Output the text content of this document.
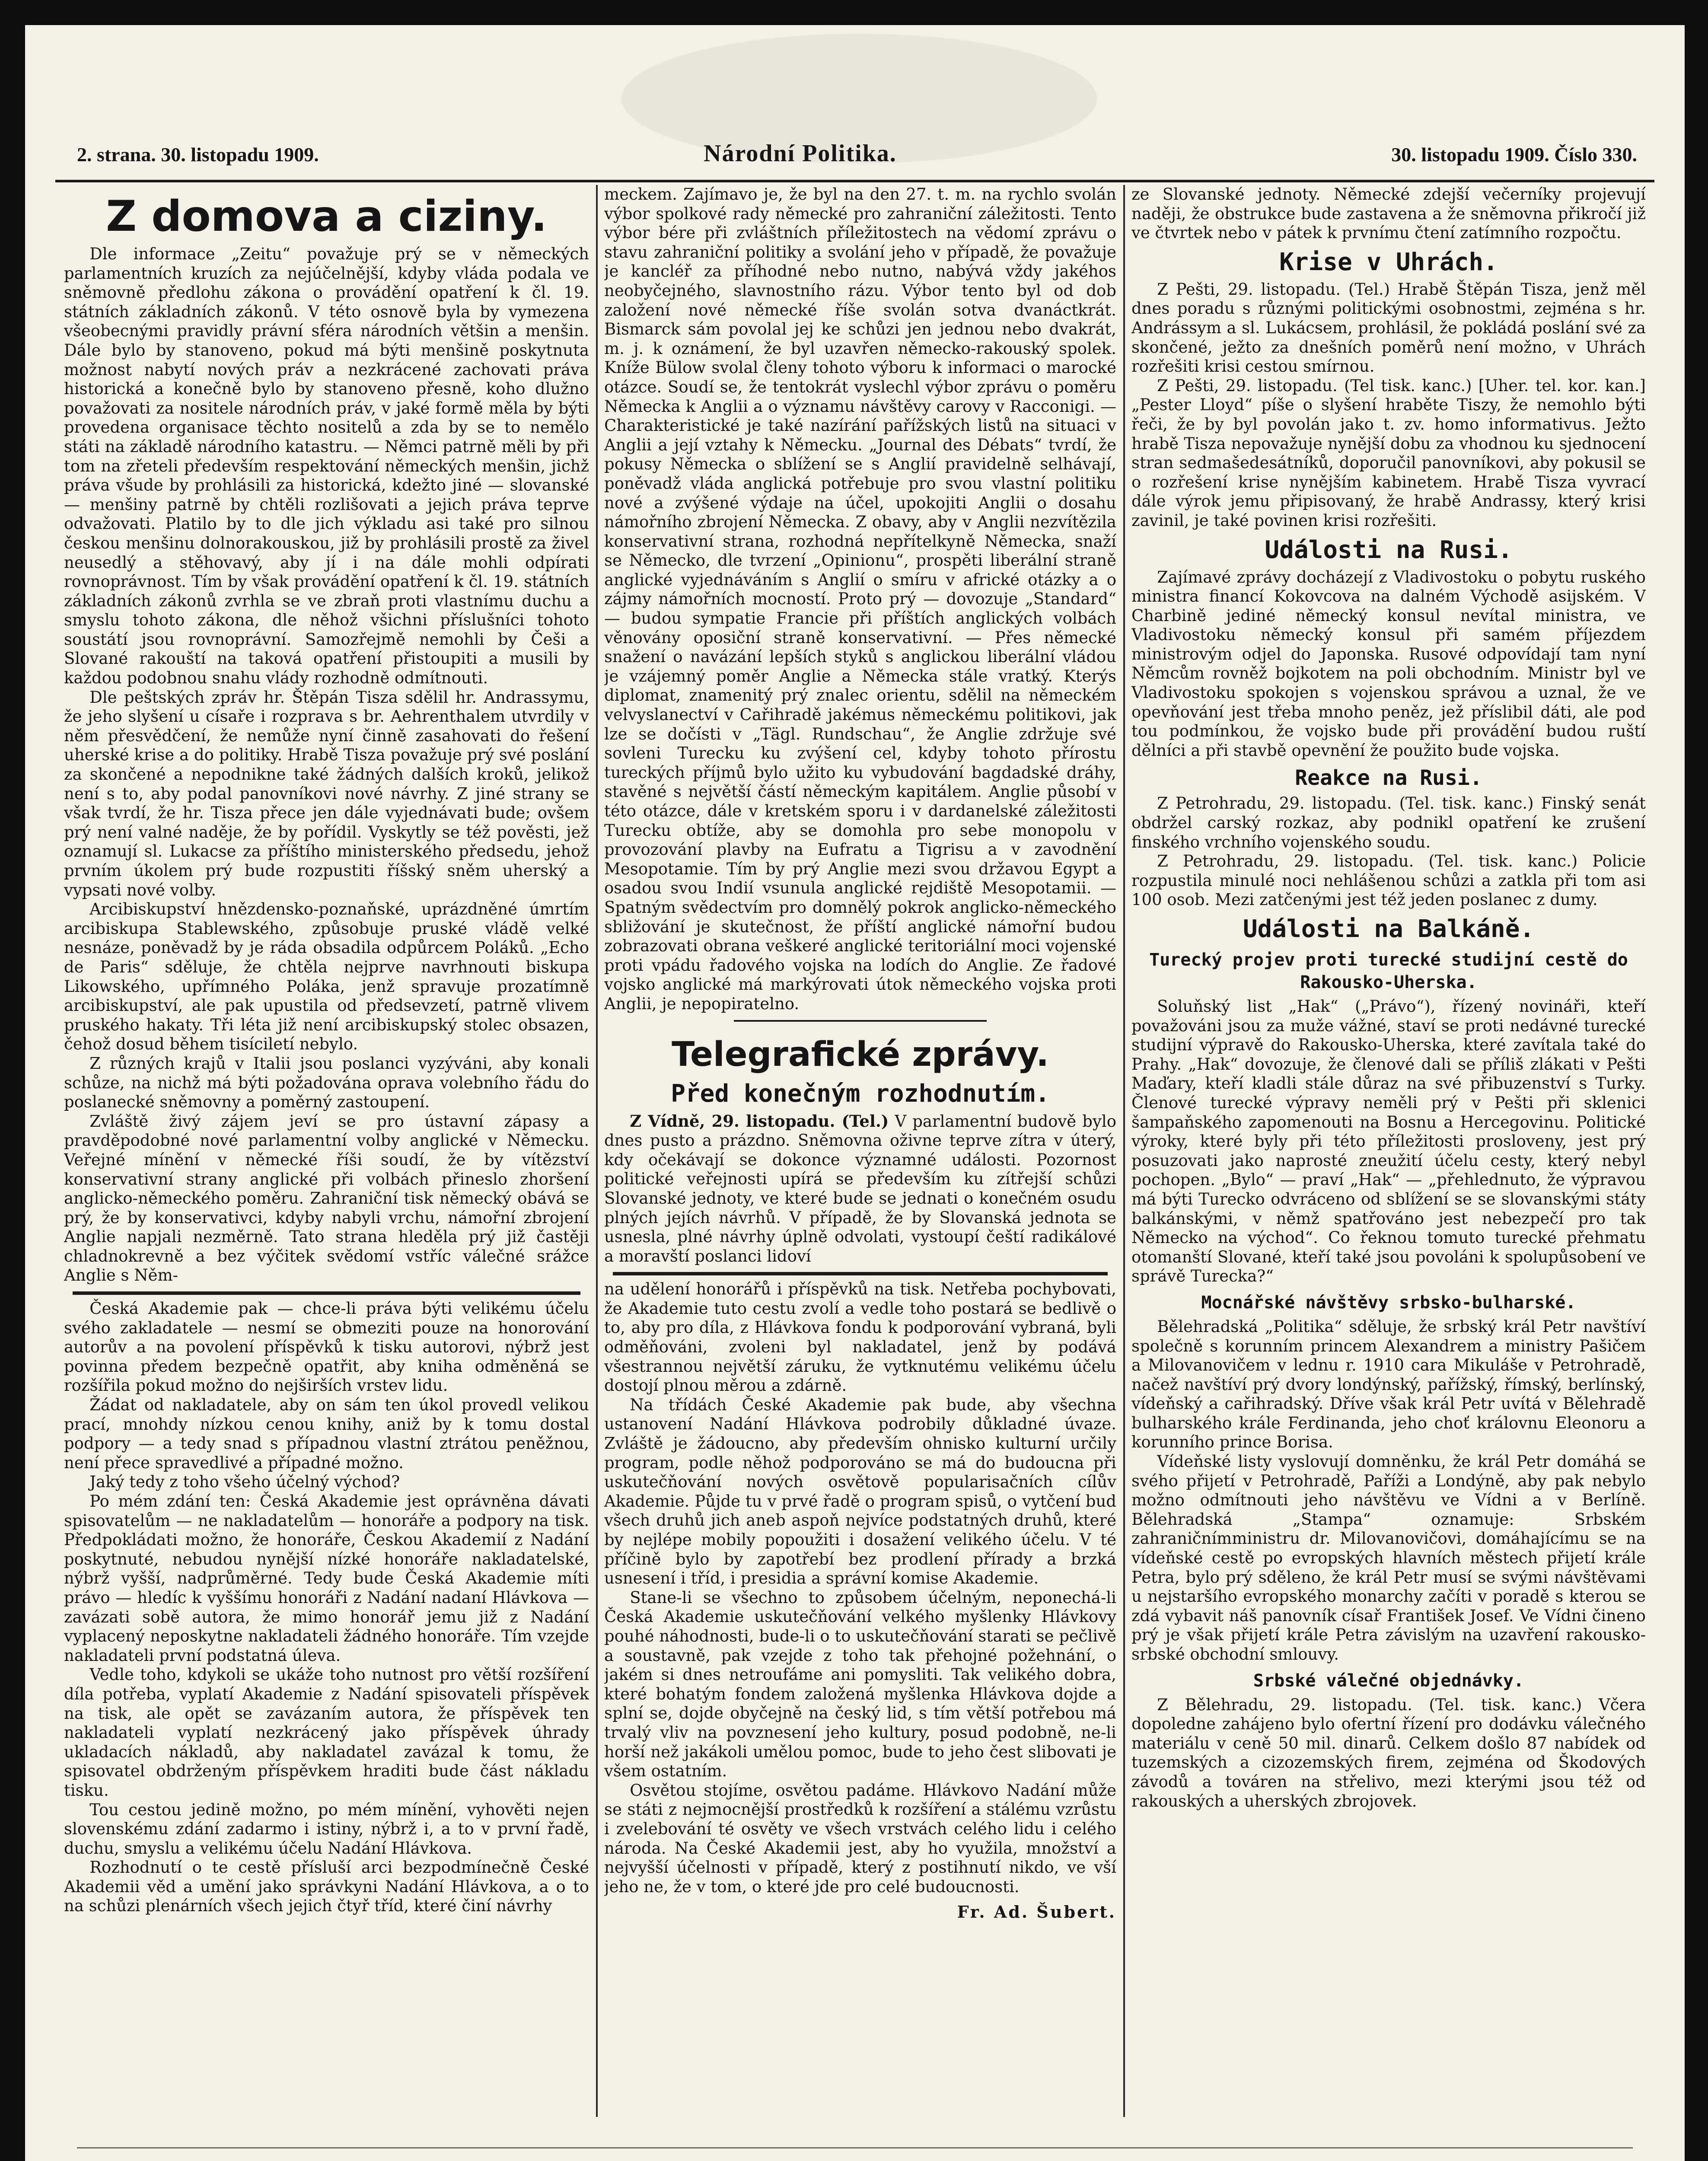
2. strana. 30. listopadu 1909.	Národní Politika.	30. listopadu 1909. Číslo 330.
Z domova a ciziny.

Dle informace „Zeitu“ považuje prý se v německých parlamentních kruzích za nejúčelnější, kdyby vláda podala ve sněmovně předlohu zákona o provádění opatření k čl. 19. státních základních zákonů. V této osnově byla by vymezena všeobecnými pravidly právní sféra národních většin a menšin. Dále bylo by stanoveno, pokud má býti menšině poskytnuta možnost nabytí nových práv a nezkrácené zachovati práva historická a konečně bylo by stanoveno přesně, koho dlužno považovati za nositele národních práv, v jaké formě měla by býti provedena organisace těchto nositelů a zda by se to nemělo státi na základě národního katastru. — Němci patrně měli by při tom na zřeteli především respektování německých menšin, jichž práva všude by prohlásili za historická, kdežto jiné — slovanské — menšiny patrně by chtěli rozlišovati a jejich práva teprve odvažovati. Platilo by to dle jich výkladu asi také pro silnou českou menšinu dolnorakouskou, již by prohlásili prostě za živel neusedlý a stěhovavý, aby jí i na dále mohli odpírati rovnoprávnost. Tím by však provádění opatření k čl. 19. státních základních zákonů zvrhla se ve zbraň proti vlastnímu duchu a smyslu tohoto zákona, dle něhož všichni příslušníci tohoto soustátí jsou rovnoprávní. Samozřejmě nemohli by Češi a Slované rakouští na taková opatření přistoupiti a musili by každou podobnou snahu vlády rozhodně odmítnouti.

Dle peštských zpráv hr. Štěpán Tisza sdělil hr. Andrassymu, že jeho slyšení u císaře i rozprava s br. Aehrenthalem utvrdily v něm přesvědčení, že nemůže nyní činně zasahovati do řešení uherské krise a do politiky. Hrabě Tisza považuje prý své poslání za skončené a nepodnikne také žádných dalších kroků, jelikož není s to, aby podal panovníkovi nové návrhy. Z jiné strany se však tvrdí, že hr. Tisza přece jen dále vyjednávati bude; ovšem prý není valné naděje, že by pořídil. Vyskytly se též pověsti, jež oznamují sl. Lukacse za příštího ministerského předsedu, jehož prvním úkolem prý bude rozpustiti říšský sněm uherský a vypsati nové volby.

Arcibiskupství hnězdensko-poznaňské, uprázdněné úmrtím arcibiskupa Stablewského, způsobuje pruské vládě velké nesnáze, poněvadž by je ráda obsadila odpůrcem Poláků. „Echo de Paris“ sděluje, že chtěla nejprve navrhnouti biskupa Likowského, upřímného Poláka, jenž spravuje prozatímně arcibiskupství, ale pak upustila od předsevzetí, patrně vlivem pruského hakaty. Tři léta již není arcibiskupský stolec obsazen, čehož dosud během tisíciletí nebylo.

Z různých krajů v Italii jsou poslanci vyzýváni, aby konali schůze, na nichž má býti požadována oprava volebního řádu do poslanecké sněmovny a poměrný zastoupení.

Zvláště živý zájem jeví se pro ústavní zápasy a pravděpodobné nové parlamentní volby anglické v Německu. Veřejné mínění v německé říši soudí, že by vítězství konservativní strany anglické při volbách přineslo zhoršení anglicko-německého poměru. Zahraniční tisk německý obává se prý, že by konservativci, kdyby nabyli vrchu, námořní zbrojení Anglie napjali nezměrně. Tato strana hleděla prý již častěji chladnokrevně a bez výčitek svědomí vstříc válečné srážce Anglie s Něm-

Česká Akademie pak — chce-li práva býti velikému účelu svého zakladatele — nesmí se obmeziti pouze na honorování autorův a na povolení příspěvků k tisku autorovi, nýbrž jest povinna předem bezpečně opatřit, aby kniha odměněná se rozšířila pokud možno do nejširších vrstev lidu.

Žádat od nakladatele, aby on sám ten úkol provedl velikou prací, mnohdy nízkou cenou knihy, aniž by k tomu dostal podpory — a tedy snad s případnou vlastní ztrátou peněžnou, není přece spravedlivé a případné možno.

Jaký tedy z toho všeho účelný východ?

Po mém zdání ten: Česká Akademie jest oprávněna dávati spisovatelům — ne nakladatelům — honoráře a podpory na tisk. Předpokládati možno, že honoráře, Českou Akademií z Nadání poskytnuté, nebudou nynější nízké honoráře nakladatelské, nýbrž vyšší, nadprůměrné. Tedy bude Česká Akademie míti právo — hledíc k vyššímu honoráři z Nadání nadaní Hlávkova — zavázati sobě autora, že mimo honorář jemu již z Nadání vyplacený neposkytne nakladateli žádného honoráře. Tím vzejde nakladateli první podstatná úleva.

Vedle toho, kdykoli se ukáže toho nutnost pro větší rozšíření díla potřeba, vyplatí Akademie z Nadání spisovateli příspěvek na tisk, ale opět se zavázaním autora, že příspěvek ten nakladateli vyplatí nezkrácený jako příspěvek úhrady ukladacích nákladů, aby nakladatel zavázal k tomu, že spisovatel obdrženým příspěvkem hraditi bude část nákladu tisku.

Tou cestou jedině možno, po mém mínění, vyhověti nejen slovenskému zdání zadarmo i istiny, nýbrž i, a to v první řadě, duchu, smyslu a velikému účelu Nadání Hlávkova.

Rozhodnutí o te cestě přísluší arci bezpodmínečně České Akademii věd a umění jako správkyni Nadání Hlávkova, a o to na schůzi plenárních všech jejich čtyř tříd, které činí návrhy

meckem. Zajímavo je, že byl na den 27. t. m. na rychlo svolán výbor spolkové rady německé pro zahraniční záležitosti. Tento výbor bére při zvláštních příležitostech na vědomí zprávu o stavu zahraniční politiky a svolání jeho v případě, že považuje je kancléř za příhodné nebo nutno, nabývá vždy jakéhos neobyčejného, slavnostního rázu. Výbor tento byl od dob založení nové německé říše svolán sotva dvanáctkrát. Bismarck sám povolal jej ke schůzi jen jednou nebo dvakrát, m. j. k oznámení, že byl uzavřen německo-rakouský spolek. Kníže Bülow svolal členy tohoto výboru k informaci o marocké otázce. Soudí se, že tentokrát vyslechl výbor zprávu o poměru Německa k Anglii a o významu návštěvy carovy v Racconigi. — Charakteristické je také nazírání pařížských listů na situaci v Anglii a její vztahy k Německu. „Journal des Débats“ tvrdí, že pokusy Německa o sblížení se s Anglií pravidelně selhávají, poněvadž vláda anglická potřebuje pro svou vlastní politiku nové a zvýšené výdaje na účel, upokojiti Anglii o dosahu námořního zbrojení Německa. Z obavy, aby v Anglii nezvítězila konservativní strana, rozhodná nepřítelkyně Německa, snaží se Německo, dle tvrzení „Opinionu“, prospěti liberální straně anglické vyjednáváním s Anglií o smíru v africké otázky a o zájmy námořních mocností. Proto prý — dovozuje „Standard“ — budou sympatie Francie při příštích anglických volbách věnovány oposiční straně konservativní. — Přes německé snažení o navázání lepších styků s anglickou liberální vládou je vzájemný poměr Anglie a Německa stále vratký. Kterýs diplomat, znamenitý prý znalec orientu, sdělil na německém velvyslanectví v Cařihradě jakémus německému politikovi, jak lze se dočísti v „Tägl. Rundschau“, že Anglie zdržuje své sovleni Turecku ku zvýšení cel, kdyby tohoto přírostu tureckých příjmů bylo užito ku vybudování bagdadské dráhy, stavěné s největší částí německým kapitálem. Anglie působí v této otázce, dále v kretském sporu i v dardanelské záležitosti Turecku obtíže, aby se domohla pro sebe monopolu v provozování plavby na Eufratu a Tigrisu a v zavodnění Mesopotamie. Tím by prý Anglie mezi svou državou Egypt a osadou svou Indií vsunula anglické rejdiště Mesopotamii. — Spatným svědectvím pro domnělý pokrok anglicko-německého sbližování je skutečnost, že příští anglické námořní budou zobrazovati obrana veškeré anglické teritoriální moci vojenské proti vpádu řadového vojska na lodích do Anglie. Ze řadové vojsko anglické má markýrovati útok německého vojska proti Anglii, je nepopiratelno.

Telegrafické zprávy.
Před konečným rozhodnutím.

Z Vídně, 29. listopadu. (Tel.) V parlamentní budově bylo dnes pusto a prázdno. Sněmovna oživne teprve zítra v úterý, kdy očekávají se dokonce významné události. Pozornost politické veřejnosti upírá se především ku zítřejší schůzi Slovanské jednoty, ve které bude se jednati o konečném osudu plných jejích návrhů. V případě, že by Slovanská jednota se usnesla, plné návrhy úplně odvolati, vystoupí čeští radikálové a moravští poslanci lidoví

na udělení honorářů i příspěvků na tisk. Netřeba pochybovati, že Akademie tuto cestu zvolí a vedle toho postará se bedlivě o to, aby pro díla, z Hlávkova fondu k podporování vybraná, byli odměňováni, zvoleni byl nakladatel, jenž by podává všestrannou největší záruku, že vytknutému velikému účelu dostojí plnou měrou a zdárně.

Na třídách České Akademie pak bude, aby všechna ustanovení Nadání Hlávkova podrobily důkladné úvaze. Zvláště je žádoucno, aby především ohnisko kulturní určily program, podle něhož podporováno se má do budoucna při uskutečňování nových osvětově popularisačních cílův Akademie. Půjde tu v prvé řadě o program spisů, o vytčení bud všech druhů jich aneb aspoň nejvíce podstatných druhů, které by nejlépe mobily popoužiti i dosažení velikého účelu. V té příčině bylo by zapotřebí bez prodlení přírady a brzká usnesení i tříd, i presidia a správní komise Akademie.

Stane-li se všechno to způsobem účelným, neponechá-li Česká Akademie uskutečňování velkého myšlenky Hlávkovy pouhé náhodnosti, bude-li o to uskutečňování starati se pečlivě a soustavně, pak vzejde z toho tak přehojné požehnání, o jakém si dnes netroufáme ani pomysliti. Tak velikého dobra, které bohatým fondem založená myšlenka Hlávkova dojde a splní se, dojde obyčejně na český lid, s tím větší potřebou má trvalý vliv na povznesení jeho kultury, posud podobně, ne-li horší než jakákoli umělou pomoc, bude to jeho čest slibovati je všem ostatním.

Osvětou stojíme, osvětou padáme. Hlávkovo Nadání může se státi z nejmocnější prostředků k rozšíření a stálému vzrůstu i zvelebování té osvěty ve všech vrstvách celého lidu i celého národa. Na České Akademii jest, aby ho využila, množství a nejvyšší účelnosti v případě, který z postihnutí nikdo, ve vší jeho ne, že v tom, o které jde pro celé budoucnosti.

Fr. Ad. Šubert.

ze Slovanské jednoty. Německé zdejší večerníky projevují naději, že obstrukce bude zastavena a že sněmovna přikročí již ve čtvrtek nebo v pátek k prvnímu čtení zatímního rozpočtu.

Krise v Uhrách.

Z Pešti, 29. listopadu. (Tel.) Hrabě Štěpán Tisza, jenž měl dnes poradu s různými politickými osobnostmi, zejména s hr. Andrássym a sl. Lukácsem, prohlásil, že pokládá poslání své za skončené, ježto za dnešních poměrů není možno, v Uhrách rozřešiti krisi cestou smírnou.

Z Pešti, 29. listopadu. (Tel tisk. kanc.) [Uher. tel. kor. kan.] „Pester Lloyd“ píše o slyšení hraběte Tiszy, že nemohlo býti řeči, že by byl povolán jako t. zv. homo informativus. Ježto hrabě Tisza nepovažuje nynější dobu za vhodnou ku sjednocení stran sedmašedesátníků, doporučil panovníkovi, aby pokusil se o rozřešení krise nynějším kabinetem. Hrabě Tisza vyvrací dále výrok jemu připisovaný, že hrabě Andrassy, který krisi zavinil, je také povinen krisi rozřešiti.

Události na Rusi.

Zajímavé zprávy docházejí z Vladivostoku o pobytu ruského ministra financí Kokovcova na dalném Východě asijském. V Charbině jediné německý konsul nevítal ministra, ve Vladivostoku německý konsul při samém příjezdem ministrovým odjel do Japonska. Rusové odpovídají tam nyní Němcům rovněž bojkotem na poli obchodním. Ministr byl ve Vladivostoku spokojen s vojenskou správou a uznal, že ve opevňování jest třeba mnoho peněz, jež příslibil dáti, ale pod tou podmínkou, že vojsko bude při provádění budou ruští dělníci a při stavbě opevnění že použito bude vojska.

Reakce na Rusi.

Z Petrohradu, 29. listopadu. (Tel. tisk. kanc.) Finský senát obdržel carský rozkaz, aby podnikl opatření ke zrušení finského vrchního vojenského soudu.

Z Petrohradu, 29. listopadu. (Tel. tisk. kanc.) Policie rozpustila minulé noci nehlášenou schůzi a zatkla při tom asi 100 osob. Mezi zatčenými jest též jeden poslanec z dumy.

Události na Balkáně.
Turecký projev proti turecké studijní cestě do Rakousko-Uherska.

Soluňský list „Hak“ („Právo“), řízený novináři, kteří považováni jsou za muže vážné, staví se proti nedávné turecké studijní výpravě do Rakousko-Uherska, které zavítala také do Prahy. „Hak“ dovozuje, že členové dali se příliš zlákati v Pešti Maďary, kteří kladli stále důraz na své přibuzenství s Turky. Členové turecké výpravy neměli prý v Pešti při sklenici šampaňského zapomenouti na Bosnu a Hercegovinu. Politické výroky, které byly při této příležitosti prosloveny, jest prý posuzovati jako naprosté zneužití účelu cesty, který nebyl pochopen. „Bylo“ — praví „Hak“ — „přehlednuto, že výpravou má býti Turecko odvráceno od sblížení se se slovanskými státy balkánskými, v němž spatřováno jest nebezpečí pro tak Německo na východ“. Co řeknou tomuto turecké přehmatu otomanští Slované, kteří také jsou povoláni k spolupůsobení ve správě Turecka?“

Mocnářské návštěvy srbsko-bulharské.

Bělehradská „Politika“ sděluje, že srbský král Petr navštíví společně s korunním princem Alexandrem a ministry Pašičem a Milovanovičem v lednu r. 1910 cara Mikuláše v Petrohradě, načež navštíví prý dvory londýnský, pařížský, římský, berlínský, vídeňský a cařihradský. Dříve však král Petr uvítá v Bělehradě bulharského krále Ferdinanda, jeho choť královnu Eleonoru a korunního prince Borisa.

Vídeňské listy vyslovují domněnku, že král Petr domáhá se svého přijetí v Petrohradě, Paříži a Londýně, aby pak nebylo možno odmítnouti jeho návštěvu ve Vídni a v Berlíně. Bělehradská „Stampa“ oznamuje: Srbském zahraničnímministru dr. Milovanovičovi, domáhajícímu se na vídeňské cestě po evropských hlavních městech přijetí krále Petra, bylo prý sděleno, že král Petr musí se svými návštěvami u nejstaršího evropského monarchy začíti v poradě s kterou se zdá vybavit náš panovník císař František Josef. Ve Vídni čineno prý je však přijetí krále Petra závislým na uzavření rakousko-srbské obchodní smlouvy.

Srbské válečné objednávky.

Z Bělehradu, 29. listopadu. (Tel. tisk. kanc.) Včera dopoledne zahájeno bylo ofertní řízení pro dodávku válečného materiálu v ceně 50 mil. dinarů. Celkem došlo 87 nabídek od tuzemských a cizozemských firem, zejména od Škodových závodů a továren na střelivo, mezi kterými jsou též od rakouských a uherských zbrojovek.
